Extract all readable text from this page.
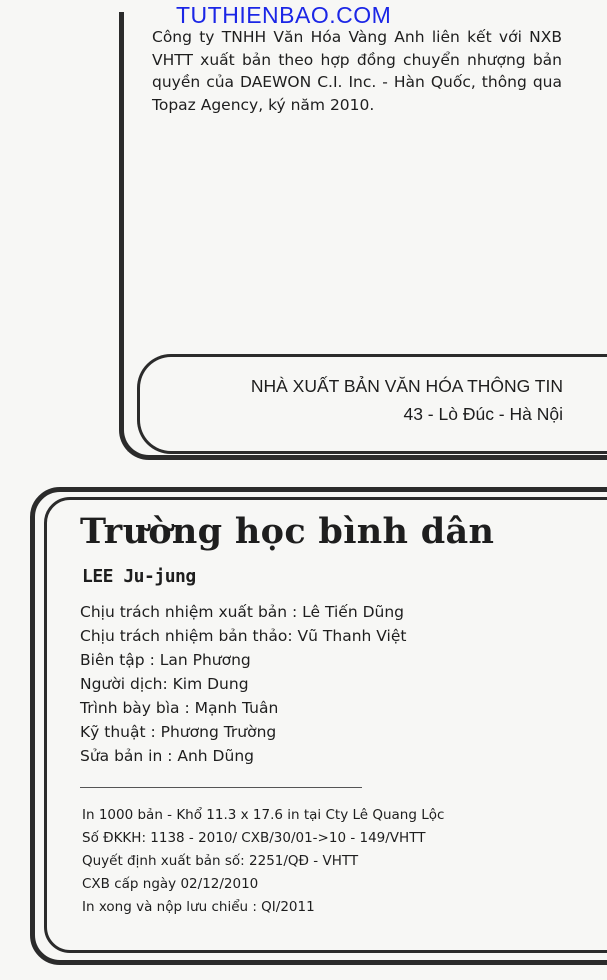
TUTHIENBAO.COM

Công ty TNHH Văn Hóa Vàng Anh liên kết với NXB VHTT xuất bản theo hợp đồng chuyển nhượng bản quyền của DAEWON C.I. Inc. - Hàn Quốc, thông qua Topaz Agency, ký năm 2010.

NHÀ XUẤT BẢN VĂN HÓA THÔNG TIN
43 - Lò Đúc - Hà Nội
Trường học bình dân
LEE Ju-jung
Chịu trách nhiệm xuất bản : Lê Tiến Dũng
Chịu trách nhiệm bản thảo: Vũ Thanh Việt
Biên tập : Lan Phương
Người dịch: Kim Dung
Trình bày bìa : Mạnh Tuân
Kỹ thuật : Phương Trường
Sửa bản in : Anh Dũng
In 1000 bản - Khổ 11.3 x 17.6 in tại Cty Lê Quang Lộc
Số ĐKKH: 1138 - 2010/ CXB/30/01->10 - 149/VHTT
Quyết định xuất bản số: 2251/QĐ - VHTT
CXB cấp ngày 02/12/2010
In xong và nộp lưu chiểu : QI/2011
